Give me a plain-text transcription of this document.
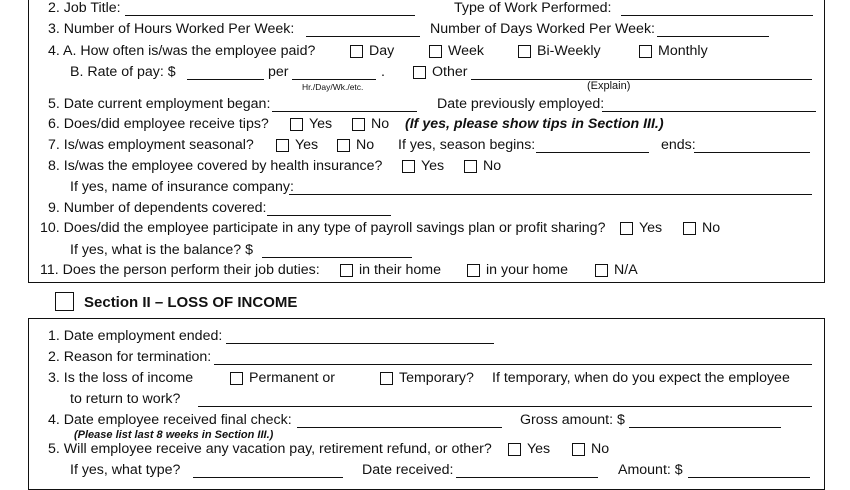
2. Job Title:	Type of Work Performed:
3. Number of Hours Worked Per Week:	Number of Days Worked Per Week:
4. A. How often is/was the employee paid?	Day	Week	Bi-Weekly	Monthly
B. Rate of pay: $	per	.
Hr./Day/Wk./etc.
Other
(Explain)
5. Date current employment began:	Date previously employed:
6. Does/did employee receive tips?	Yes	No (If yes, please show tips in Section III.)
7. Is/was employment seasonal?	Yes	No If yes, season begins:	ends:
8. Is/was the employee covered by health insurance?	Yes	No
If yes, name of insurance company:
9. Number of dependents covered:
10. Does/did the employee participate in any type of payroll savings plan or profit sharing? Yes	No
If yes, what is the balance? $
11. Does the person perform their job duties:	in their home	in your home	N/A
Section II – LOSS OF INCOME
1. Date employment ended:
2. Reason for termination:
3. Is the loss of income	Permanent or	Temporary? If temporary, when do you expect the employee
to return to work?
4. Date employee received final check:	Gross amount: $
(Please list last 8 weeks in Section III.)
5. Will employee receive any vacation pay, retirement refund, or other? Yes	No
If yes, what type?	Date received:	Amount: $
